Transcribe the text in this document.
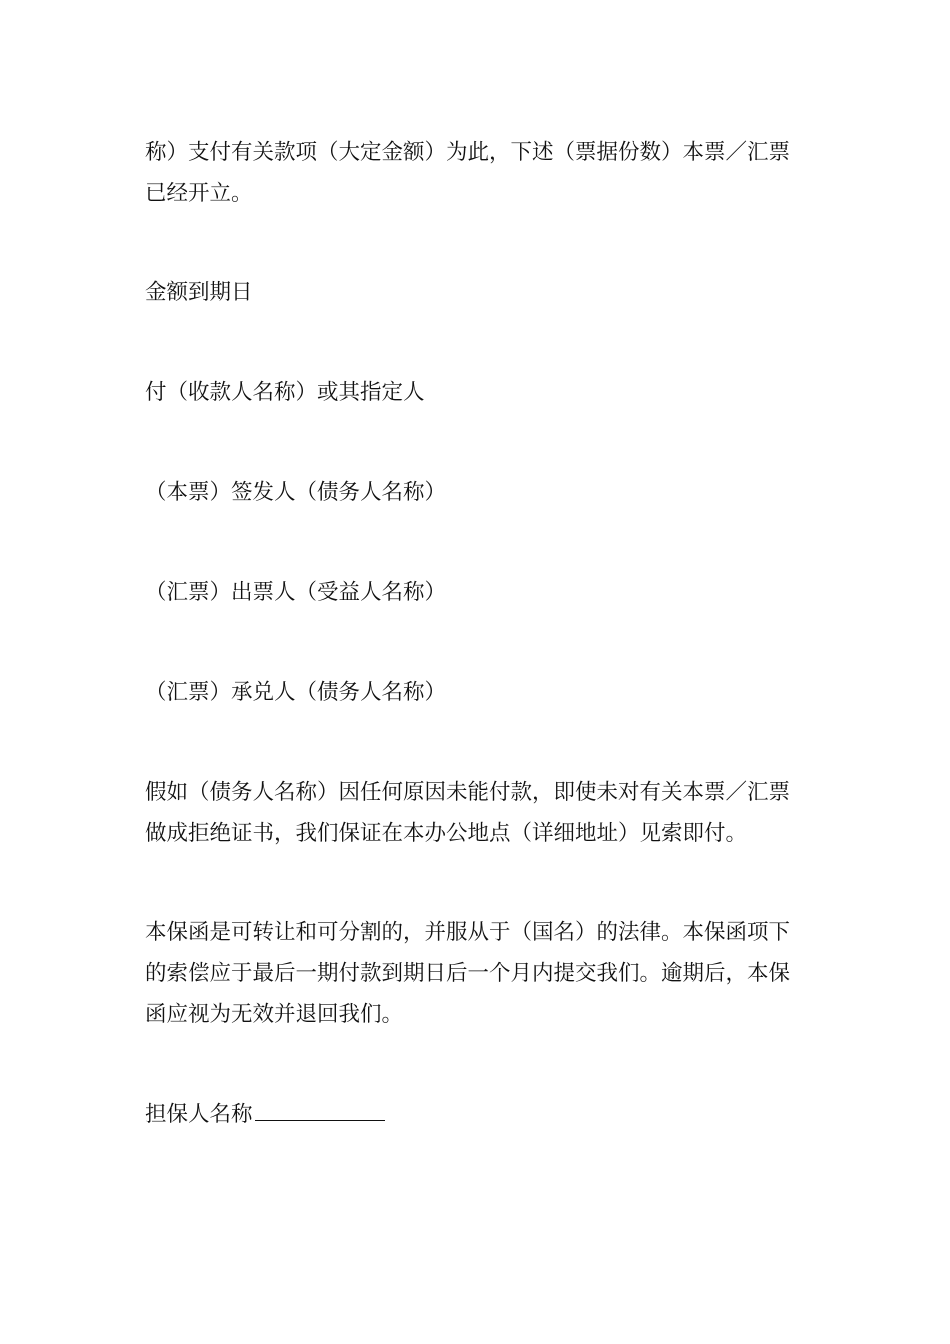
称）支付有关款项（大定金额）为此，下述（票据份数）本票／汇票已经开立。

金额到期日

付（收款人名称）或其指定人

（本票）签发人（债务人名称）

（汇票）出票人（受益人名称）

（汇票）承兑人（债务人名称）

假如（债务人名称）因任何原因未能付款，即使未对有关本票／汇票做成拒绝证书，我们保证在本办公地点（详细地址）见索即付。

本保函是可转让和可分割的，并服从于（国名）的法律。本保函项下的索偿应于最后一期付款到期日后一个月内提交我们。逾期后，本保函应视为无效并退回我们。

担保人名称
